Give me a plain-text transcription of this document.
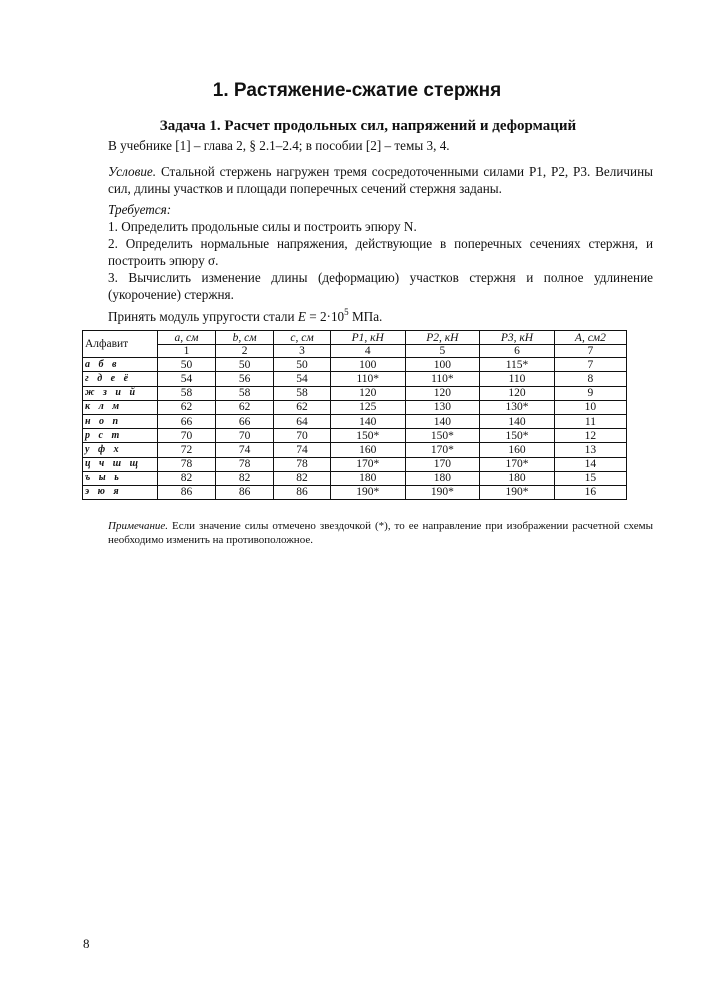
1. Растяжение-сжатие стержня
Задача 1. Расчет продольных сил, напряжений и деформаций
В учебнике [1] – глава 2, § 2.1–2.4; в пособии [2] – темы 3, 4.
Условие. Стальной стержень нагружен тремя сосредоточенными силами P1, P2, P3. Величины сил, длины участков и площади поперечных сечений стержня заданы.
Требуется:
1. Определить продольные силы и построить эпюру N.
2. Определить нормальные напряжения, действующие в поперечных сечениях стержня, и построить эпюру σ.
3. Вычислить изменение длины (деформацию) участков стержня и полное удлинение (укорочение) стержня.
Принять модуль упругости стали $E = 2\cdot 10^5$ МПа.
Алфавит	a, см	b, см	c, см	P1, кН	P2, кН	P3, кН	A, см2
	1	2	3	4	5	6	7
а б в	50	50	50	100	100	115*	7
г д е ё	54	56	54	110*	110*	110	8
ж з и й	58	58	58	120	120	120	9
к л м	62	62	62	125	130	130*	10
н о п	66	66	64	140	140	140	11
р с т	70	70	70	150*	150*	150*	12
у ф х	72	74	74	160	170*	160	13
ц ч ш щ	78	78	78	170*	170	170*	14
ъ ы ь	82	82	82	180	180	180	15
э ю я	86	86	86	190*	190*	190*	16
Примечание. Если значение силы отмечено звездочкой (*), то ее направление при изображении расчетной схемы необходимо изменить на противоположное.
8
